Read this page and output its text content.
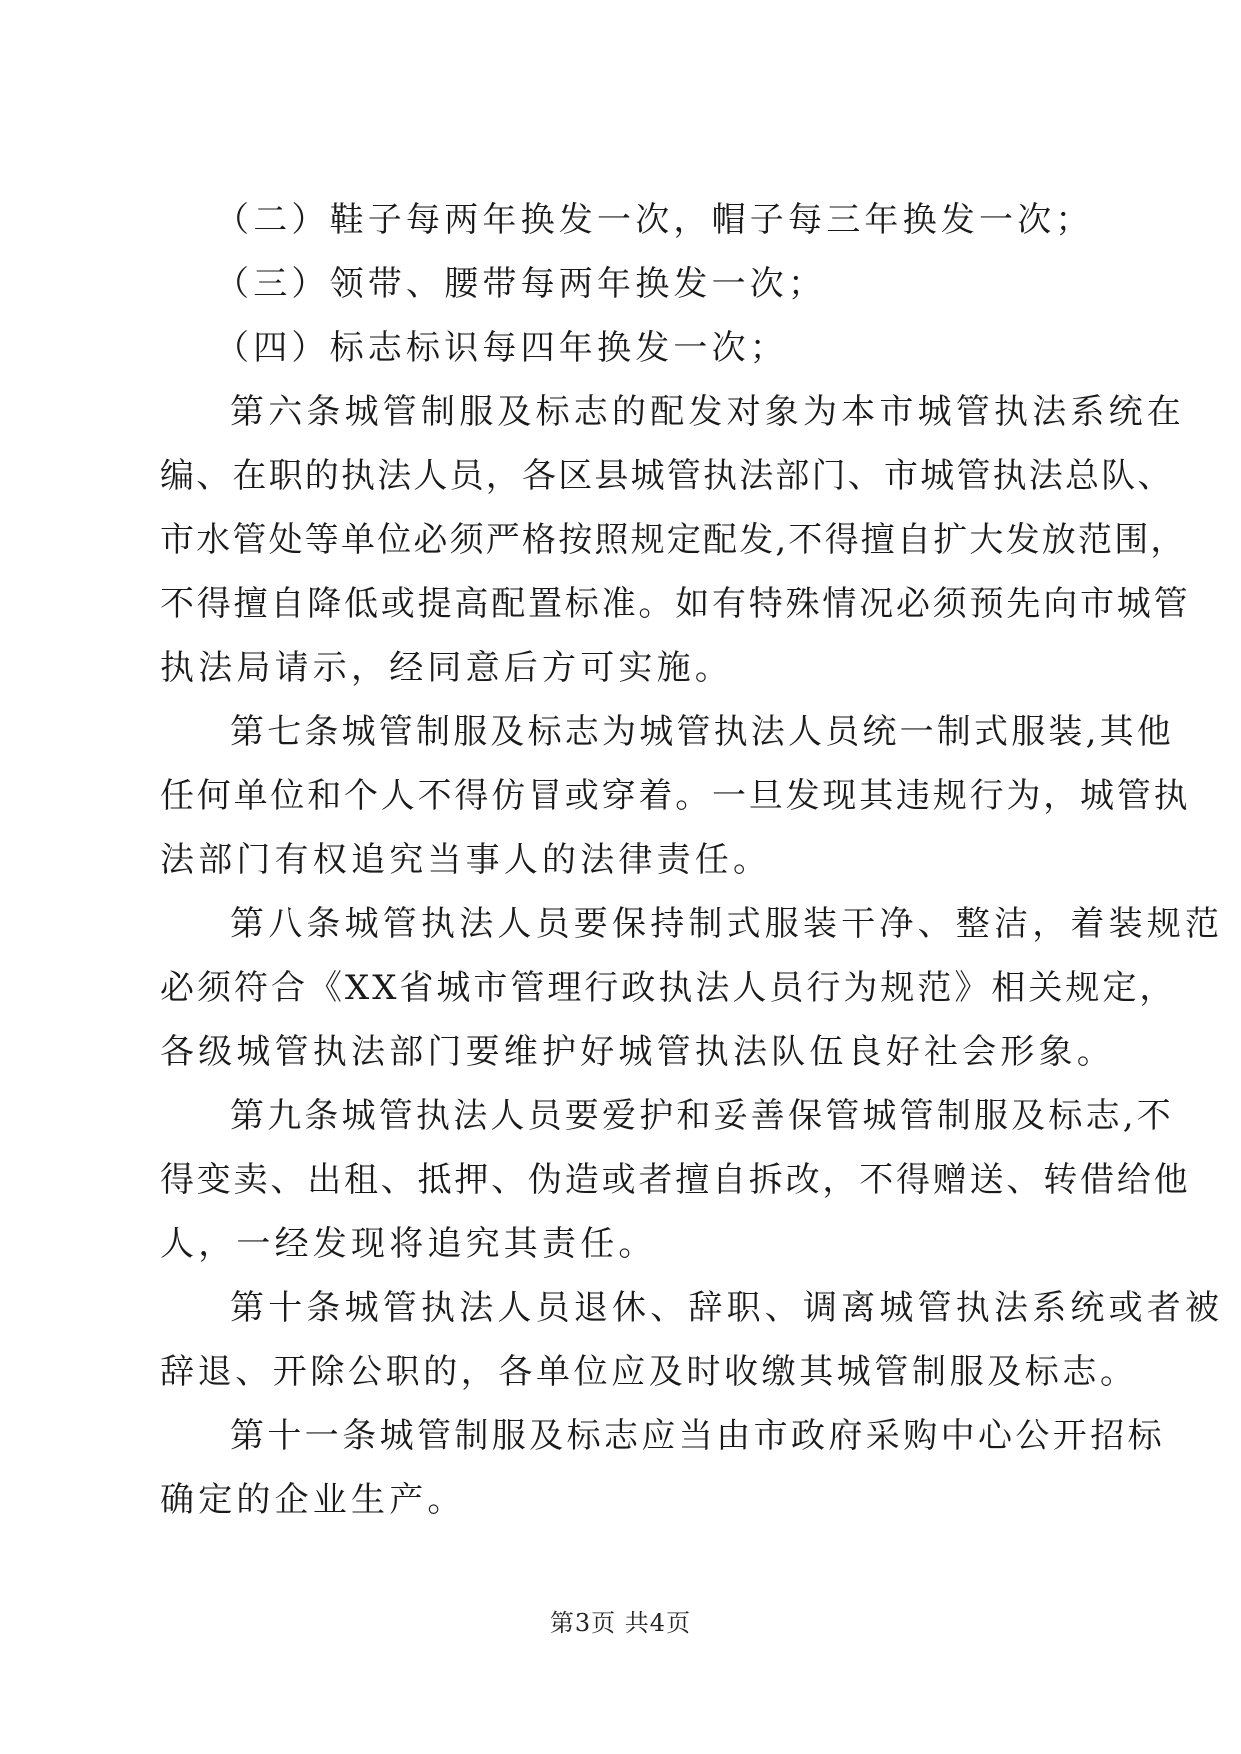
（二）鞋子每两年换发一次，帽子每三年换发一次；
（三）领带、腰带每两年换发一次；
（四）标志标识每四年换发一次；
第六条城管制服及标志的配发对象为本市城管执法系统在
编、在职的执法人员，各区县城管执法部门、市城管执法总队、
市水管处等单位必须严格按照规定配发,不得擅自扩大发放范围，
不得擅自降低或提高配置标准。如有特殊情况必须预先向市城管
执法局请示，经同意后方可实施。
第七条城管制服及标志为城管执法人员统一制式服装,其他
任何单位和个人不得仿冒或穿着。一旦发现其违规行为，城管执
法部门有权追究当事人的法律责任。
第八条城管执法人员要保持制式服装干净、整洁，着装规范
必须符合《XX省城市管理行政执法人员行为规范》相关规定，
各级城管执法部门要维护好城管执法队伍良好社会形象。
第九条城管执法人员要爱护和妥善保管城管制服及标志,不
得变卖、出租、抵押、伪造或者擅自拆改，不得赠送、转借给他
人，一经发现将追究其责任。
第十条城管执法人员退休、辞职、调离城管执法系统或者被
辞退、开除公职的，各单位应及时收缴其城管制服及标志。
第十一条城管制服及标志应当由市政府采购中心公开招标
确定的企业生产。
第3页 共4页
